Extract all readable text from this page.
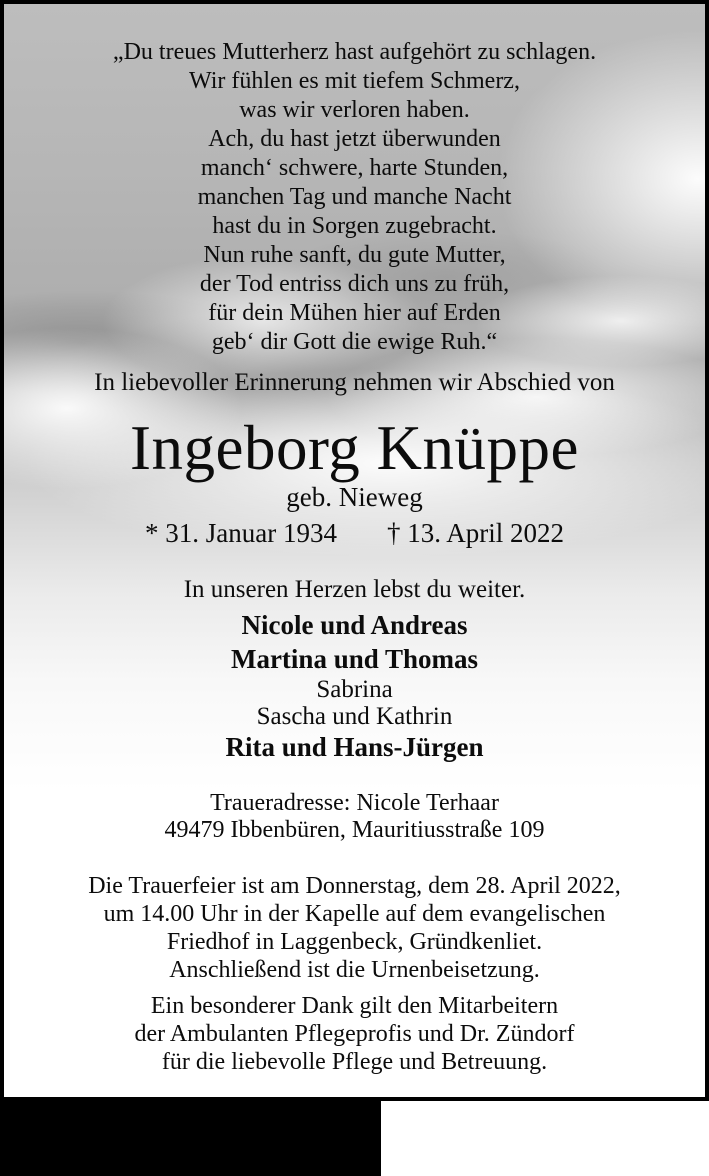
„Du treues Mutterherz hast aufgehört zu schlagen.
Wir fühlen es mit tiefem Schmerz,
was wir verloren haben.
Ach, du hast jetzt überwunden
manch‘ schwere, harte Stunden,
manchen Tag und manche Nacht
hast du in Sorgen zugebracht.
Nun ruhe sanft, du gute Mutter,
der Tod entriss dich uns zu früh,
für dein Mühen hier auf Erden
geb‘ dir Gott die ewige Ruh.“
In liebevoller Erinnerung nehmen wir Abschied von
Ingeborg Knüppe
geb. Nieweg
* 31. Januar 1934 † 13. April 2022
In unseren Herzen lebst du weiter.
Nicole und Andreas
Martina und Thomas
Sabrina
Sascha und Kathrin
Rita und Hans-Jürgen
Traueradresse: Nicole Terhaar
49479 Ibbenbüren, Mauritiusstraße 109
Die Trauerfeier ist am Donnerstag, dem 28. April 2022,
um 14.00 Uhr in der Kapelle auf dem evangelischen
Friedhof in Laggenbeck, Gründkenliet.
Anschließend ist die Urnenbeisetzung.
Ein besonderer Dank gilt den Mitarbeitern
der Ambulanten Pflegeprofis und Dr. Zündorf
für die liebevolle Pflege und Betreuung.
